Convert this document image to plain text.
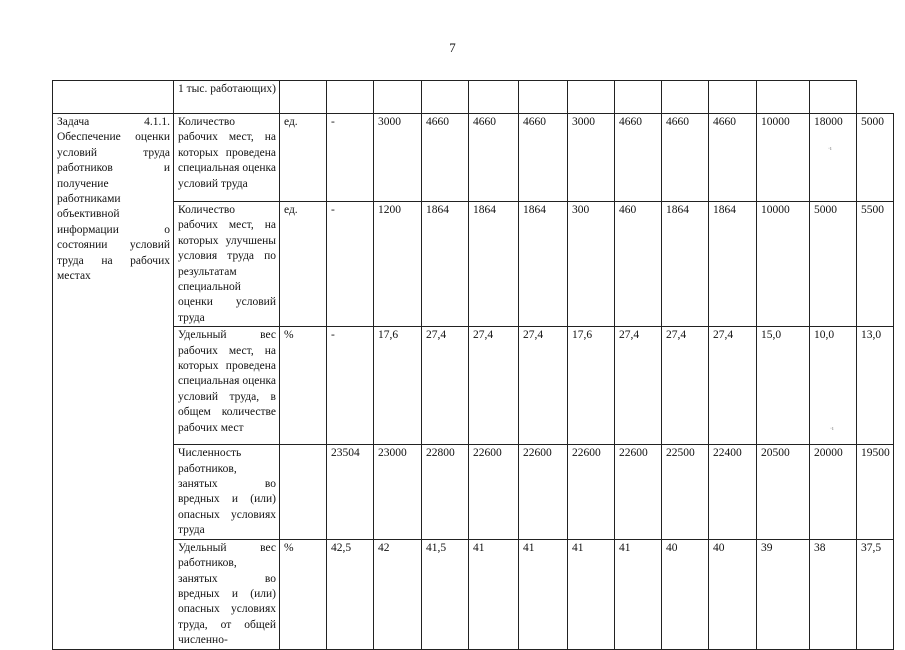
7
	1 тыс. работающих)													
Задача 4.1.1. Обеспечение оценки условий труда работников и получение работниками объективной информации о состоянии условий труда на рабочих местах	Количество рабочих мест, на которых проведена специальная оценка условий труда	ед.	-	3000	4660	4660	4660	3000	4660	4660	4660	10000	18000	5000
	Количество рабочих мест, на которых улучшены условия труда по результатам специальной оценки условий труда	ед.	-	1200	1864	1864	1864	300	460	1864	1864	10000	5000	5500
	Удельный вес рабочих мест, на которых проведена специальная оценка условий труда, в общем количестве рабочих мест	%	-	17,6	27,4	27,4	27,4	17,6	27,4	27,4	27,4	15,0	10,0	13,0
	Численность работников, занятых во вредных и (или) опасных условиях труда		23504	23000	22800	22600	22600	22600	22600	22500	22400	20500	20000	19500
	Удельный вес работников, занятых во вредных и (или) опасных условиях труда, от общей численно-	%	42,5	42	41,5	41	41	41	41	40	40	39	38	37,5
·ı
·ı
